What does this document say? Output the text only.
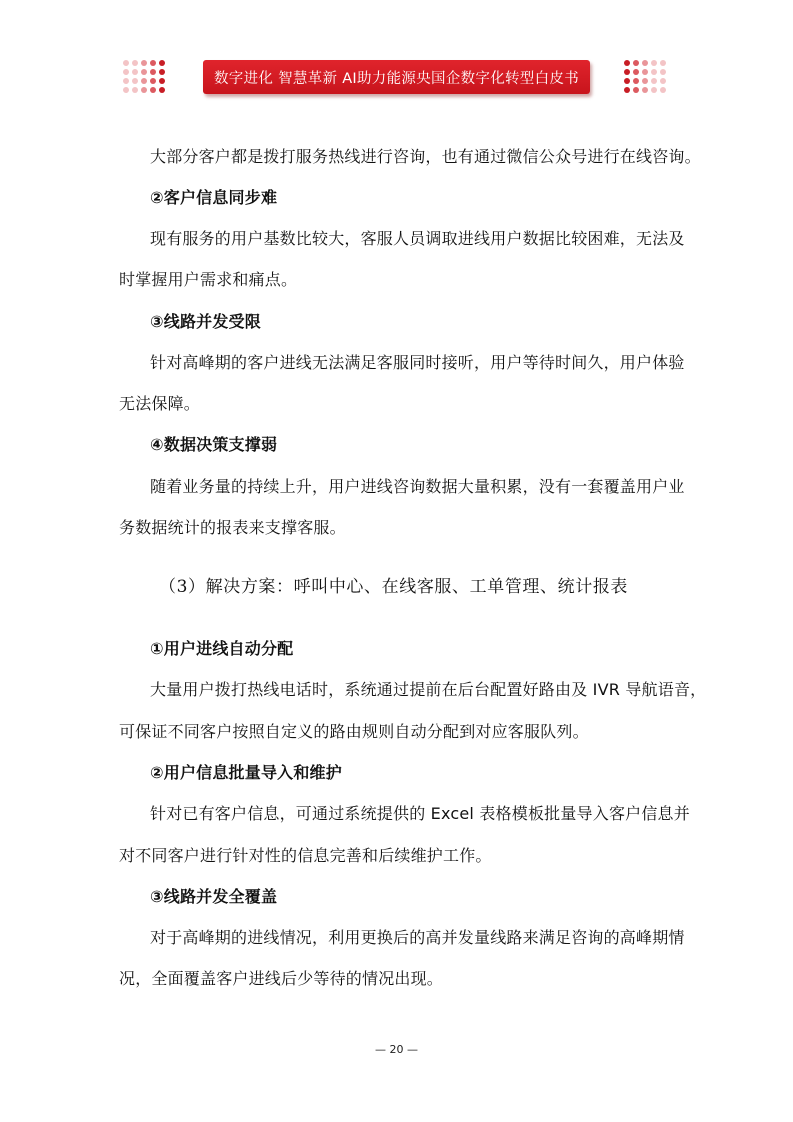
数字进化 智慧革新 AI助力能源央国企数字化转型白皮书
大部分客户都是拨打服务热线进行咨询，也有通过微信公众号进行在线咨询。
②客户信息同步难
现有服务的用户基数比较大，客服人员调取进线用户数据比较困难，无法及
时掌握用户需求和痛点。
③线路并发受限
针对高峰期的客户进线无法满足客服同时接听，用户等待时间久，用户体验
无法保障。
④数据决策支撑弱
随着业务量的持续上升，用户进线咨询数据大量积累，没有一套覆盖用户业
务数据统计的报表来支撑客服。
（3）解决方案：呼叫中心、在线客服、工单管理、统计报表
①用户进线自动分配
大量用户拨打热线电话时，系统通过提前在后台配置好路由及 IVR 导航语音，
可保证不同客户按照自定义的路由规则自动分配到对应客服队列。
②用户信息批量导入和维护
针对已有客户信息，可通过系统提供的 Excel 表格模板批量导入客户信息并
对不同客户进行针对性的信息完善和后续维护工作。
③线路并发全覆盖
对于高峰期的进线情况，利用更换后的高并发量线路来满足咨询的高峰期情
况，全面覆盖客户进线后少等待的情况出现。
— 20 —
